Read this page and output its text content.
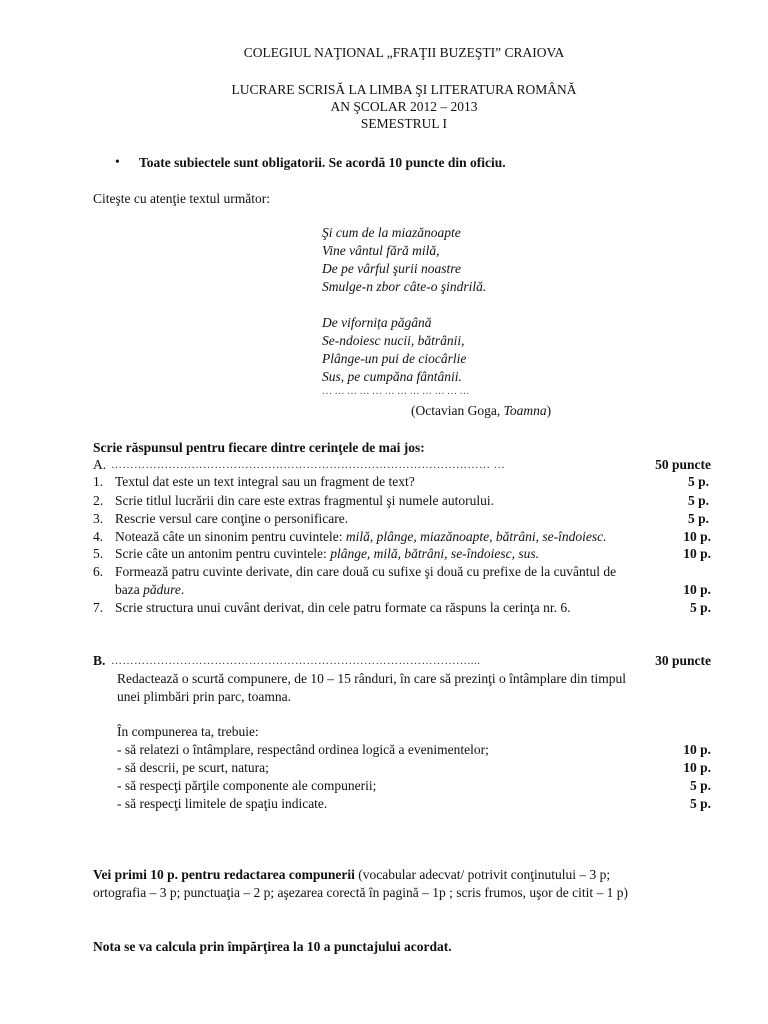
COLEGIUL NAŢIONAL „FRAŢII BUZEŞTI” CRAIOVA
LUCRARE SCRISĂ LA LIMBA ŞI LITERATURA ROMÂNĂ
AN ŞCOLAR 2012 – 2013
SEMESTRUL I
• Toate subiectele sunt obligatorii. Se acordă 10 puncte din oficiu.
Citeşte cu atenţie textul următor:
Şi cum de la miazănoapte
Vine vântul fără milă,
De pe vârful şurii noastre
Smulge-n zbor câte-o şindrilă.
De vifornița păgână
Se-ndoiesc nucii, bătrânii,
Plânge-un pui de ciocârlie
Sus, pe cumpăna fântânii.
… … … … … … … … … … … …
(Octavian Goga, Toamna)
Scrie răspunsul pentru fiecare dintre cerinţele de mai jos:
A. ……………………………………………………………………………………… …	50 puncte
1. Textul dat este un text integral sau un fragment de text?	5 p.
2. Scrie titlul lucrării din care este extras fragmentul şi numele autorului.	5 p.
3. Rescrie versul care conţine o personificare.	5 p.
4. Notează câte un sinonim pentru cuvintele: milă, plânge, miazănoapte, bătrâni, se-îndoiesc.	10 p.
5. Scrie câte un antonim pentru cuvintele: plânge, milă, bătrâni, se-îndoiesc, sus.	10 p.
6. Formează patru cuvinte derivate, din care două cu sufixe şi două cu prefixe de la cuvântul de
baza pădure.	10 p.
7. Scrie structura unui cuvânt derivat, din cele patru formate ca răspuns la cerinţa nr. 6.	5 p.
B. …………………………………………………………………………………....	30 puncte
Redactează o scurtă compunere, de 10 – 15 rânduri, în care să prezinţi o întâmplare din timpul
unei plimbări prin parc, toamna.
În compunerea ta, trebuie:
- să relatezi o întâmplare, respectând ordinea logică a evenimentelor;	10 p.
- să descrii, pe scurt, natura;	10 p.
- să respecţi părţile componente ale compunerii;	5 p.
- să respecţi limitele de spaţiu indicate.	5 p.
Vei primi 10 p. pentru redactarea compunerii (vocabular adecvat/ potrivit conţinutului – 3 p;
ortografia – 3 p; punctuaţia – 2 p; aşezarea corectă în pagină – 1p ; scris frumos, uşor de citit – 1 p)
Nota se va calcula prin împărţirea la 10 a punctajului acordat.
